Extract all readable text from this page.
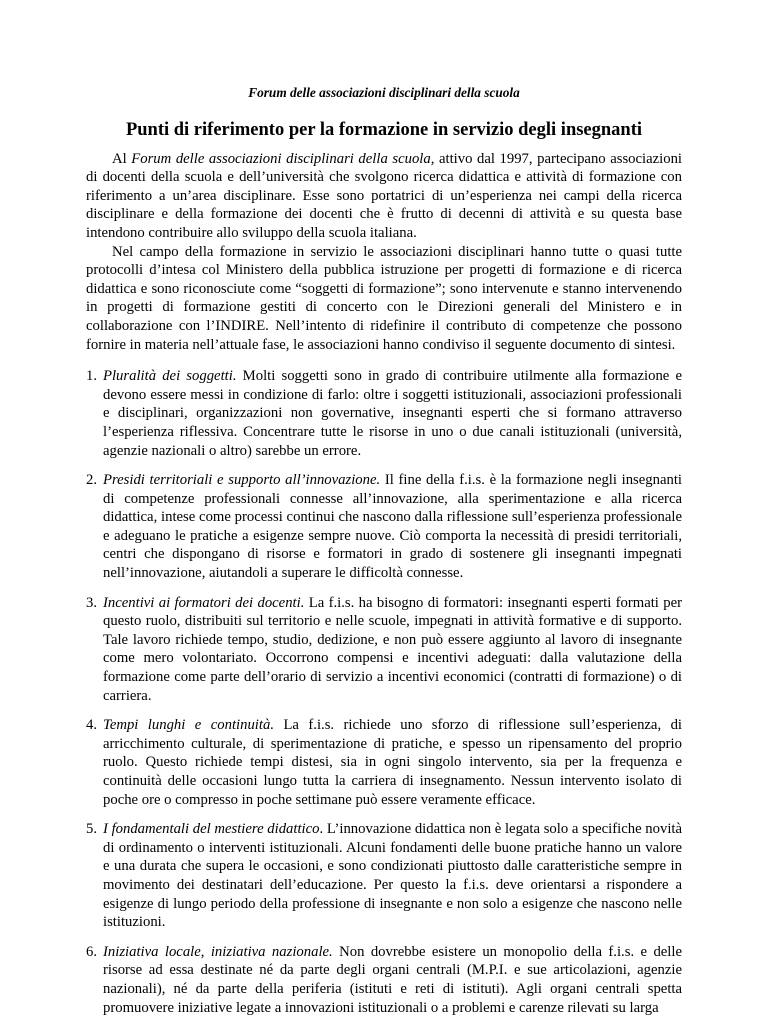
Forum delle associazioni disciplinari della scuola

Punti di riferimento per la formazione in servizio degli insegnanti

Al Forum delle associazioni disciplinari della scuola, attivo dal 1997, partecipano associazioni di docenti della scuola e dell’università che svolgono ricerca didattica e attività di formazione con riferimento a un’area disciplinare. Esse sono portatrici di un’esperienza nei campi della ricerca disciplinare e della formazione dei docenti che è frutto di decenni di attività e su questa base intendono contribuire allo sviluppo della scuola italiana.

Nel campo della formazione in servizio le associazioni disciplinari hanno tutte o quasi tutte protocolli d’intesa col Ministero della pubblica istruzione per progetti di formazione e di ricerca didattica e sono riconosciute come “soggetti di formazione”; sono intervenute e stanno intervenendo in progetti di formazione gestiti di concerto con le Direzioni generali del Ministero e in collaborazione con l’INDIRE. Nell’intento di ridefinire il contributo di competenze che possono fornire in materia nell’attuale fase, le associazioni hanno condiviso il seguente documento di sintesi.

1. Pluralità dei soggetti. Molti soggetti sono in grado di contribuire utilmente alla formazione e devono essere messi in condizione di farlo: oltre i soggetti istituzionali, associazioni professionali e disciplinari, organizzazioni non governative, insegnanti esperti che si formano attraverso l’esperienza riflessiva. Concentrare tutte le risorse in uno o due canali istituzionali (università, agenzie nazionali o altro) sarebbe un errore.
2. Presidi territoriali e supporto all’innovazione. Il fine della f.i.s. è la formazione negli insegnanti di competenze professionali connesse all’innovazione, alla sperimentazione e alla ricerca didattica, intese come processi continui che nascono dalla riflessione sull’esperienza professionale e adeguano le pratiche a esigenze sempre nuove. Ciò comporta la necessità di presidi territoriali, centri che dispongano di risorse e formatori in grado di sostenere gli insegnanti impegnati nell’innovazione, aiutandoli a superare le difficoltà connesse.
3. Incentivi ai formatori dei docenti. La f.i.s. ha bisogno di formatori: insegnanti esperti formati per questo ruolo, distribuiti sul territorio e nelle scuole, impegnati in attività formative e di supporto. Tale lavoro richiede tempo, studio, dedizione, e non può essere aggiunto al lavoro di insegnante come mero volontariato. Occorrono compensi e incentivi adeguati: dalla valutazione della formazione come parte dell’orario di servizio a incentivi economici (contratti di formazione) o di carriera.
4. Tempi lunghi e continuità. La f.i.s. richiede uno sforzo di riflessione sull’esperienza, di arricchimento culturale, di sperimentazione di pratiche, e spesso un ripensamento del proprio ruolo. Questo richiede tempi distesi, sia in ogni singolo intervento, sia per la frequenza e continuità delle occasioni lungo tutta la carriera di insegnamento. Nessun intervento isolato di poche ore o compresso in poche settimane può essere veramente efficace.
5. I fondamentali del mestiere didattico. L’innovazione didattica non è legata solo a specifiche novità di ordinamento o interventi istituzionali. Alcuni fondamenti delle buone pratiche hanno un valore e una durata che supera le occasioni, e sono condizionati piuttosto dalle caratteristiche sempre in movimento dei destinatari dell’educazione. Per questo la f.i.s. deve orientarsi a rispondere a esigenze di lungo periodo della professione di insegnante e non solo a esigenze che nascono nelle istituzioni.
6. Iniziativa locale, iniziativa nazionale. Non dovrebbe esistere un monopolio della f.i.s. e delle risorse ad essa destinate né da parte degli organi centrali (M.P.I. e sue articolazioni, agenzie nazionali), né da parte della periferia (istituti e reti di istituti). Agli organi centrali spetta promuovere iniziative legate a innovazioni istituzionali o a problemi e carenze rilevati su larga
